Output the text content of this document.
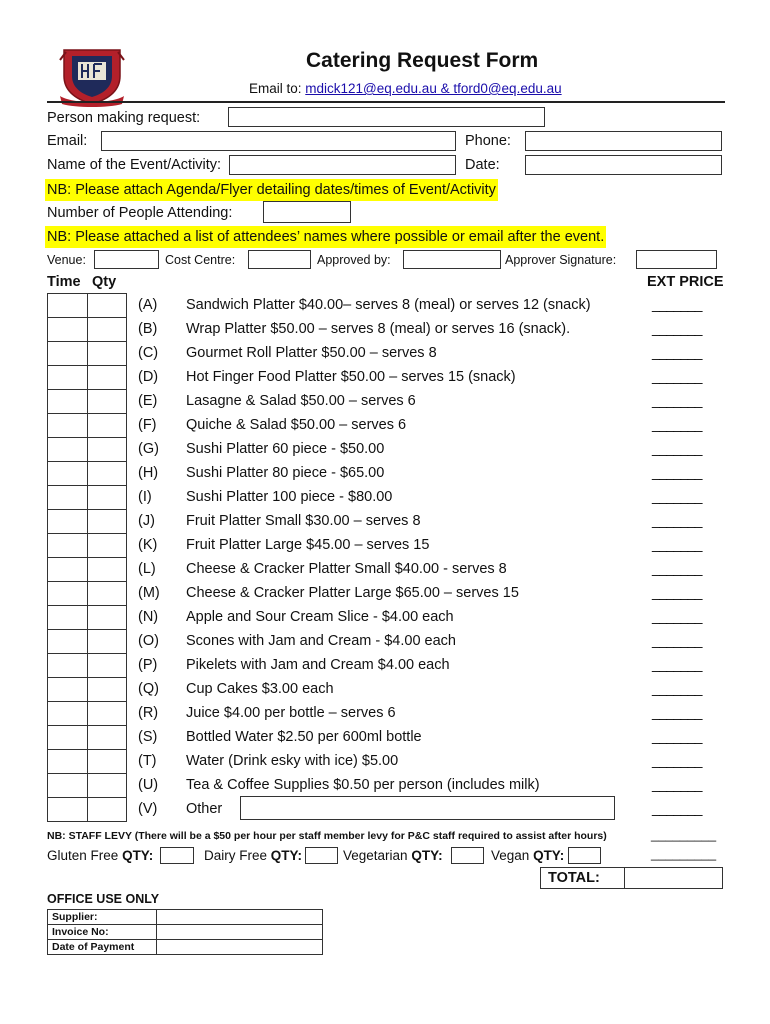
Catering Request Form
Email to: mdick121@eq.edu.au & tford0@eq.edu.au
Person making request:
Email:	Phone:
Name of the Event/Activity:	Date:
NB: Please attach Agenda/Flyer detailing dates/times of Event/Activity
Number of People Attending:
NB: Please attached a list of attendees’ names where possible or email after the event.
Venue:	Cost Centre:	Approved by:	Approver Signature:
Time Qty	EXT PRICE
(A)	Sandwich Platter $40.00– serves 8 (meal) or serves 12 (snack)	_______
(B)	Wrap Platter $50.00 – serves 8 (meal) or serves 16 (snack).	_______
(C)	Gourmet Roll Platter $50.00 – serves 8	_______
(D)	Hot Finger Food Platter $50.00 – serves 15 (snack)	_______
(E)	Lasagne & Salad $50.00 – serves 6	_______
(F)	Quiche & Salad $50.00 – serves 6	_______
(G)	Sushi Platter 60 piece - $50.00	_______
(H)	Sushi Platter 80 piece - $65.00	_______
(I)	Sushi Platter 100 piece - $80.00	_______
(J)	Fruit Platter Small $30.00 – serves 8	_______
(K)	Fruit Platter Large $45.00 – serves 15	_______
(L)	Cheese & Cracker Platter Small $40.00 - serves 8	_______
(M)	Cheese & Cracker Platter Large $65.00 – serves 15	_______
(N)	Apple and Sour Cream Slice - $4.00 each	_______
(O)	Scones with Jam and Cream - $4.00 each	_______
(P)	Pikelets with Jam and Cream $4.00 each	_______
(Q)	Cup Cakes $3.00 each	_______
(R)	Juice $4.00 per bottle – serves 6	_______
(S)	Bottled Water $2.50 per 600ml bottle	_______
(T)	Water (Drink esky with ice) $5.00	_______
(U)	Tea & Coffee Supplies $0.50 per person (includes milk)	_______
(V)	Other	_______
NB: STAFF LEVY (There will be a $50 per hour per staff member levy for P&C staff required to assist after hours)	_________
Gluten Free QTY:	Dairy Free QTY:	Vegetarian QTY:	Vegan QTY:	_________
TOTAL:
OFFICE USE ONLY
Supplier:	
Invoice No:	
Date of Payment	
